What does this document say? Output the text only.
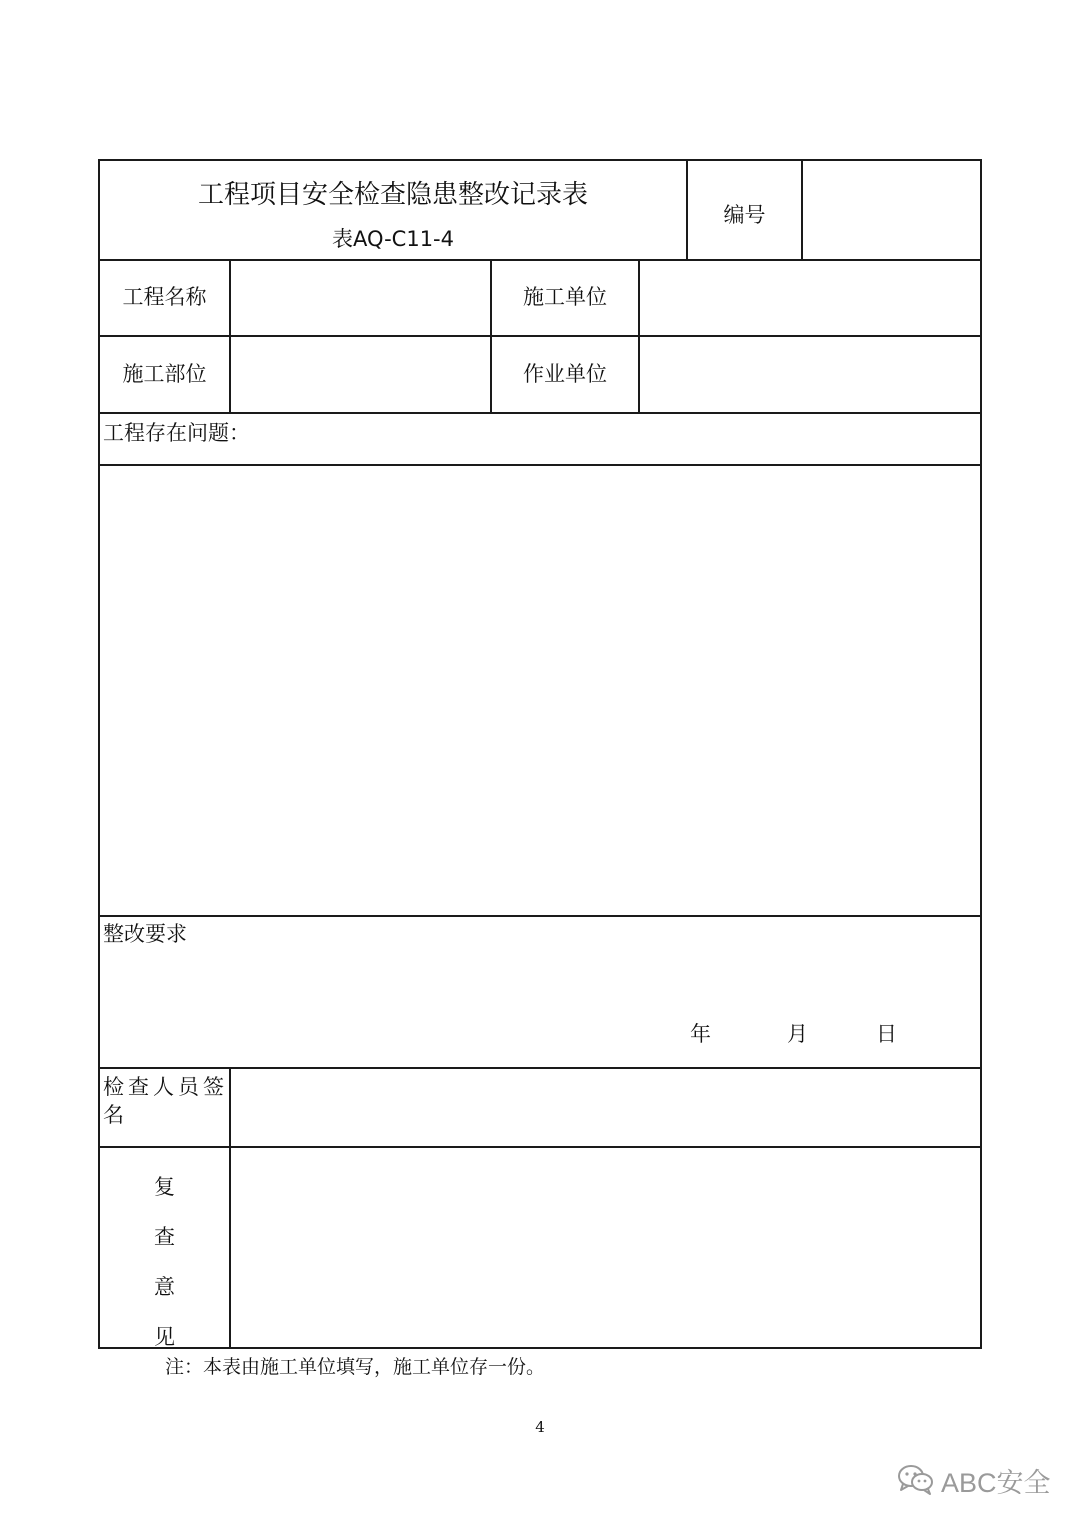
工程项目安全检查隐患整改记录表
表AQ-C11-4
编号
工程名称	施工单位
施工部位	作业单位
工程存在问题：
整改要求
年	月	日
检查人员签
名
复
查
意
见
注：本表由施工单位填写，施工单位存一份。
4
ABC安全
